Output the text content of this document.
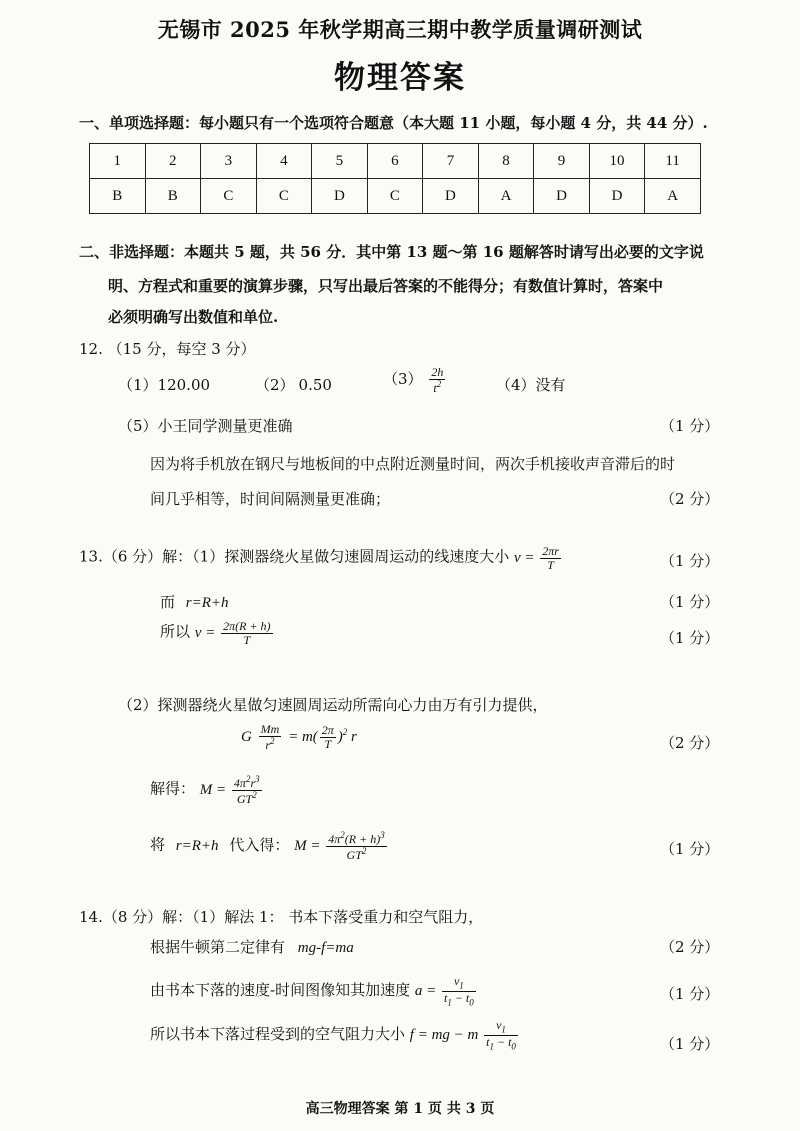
无锡市 2025 年秋学期高三期中教学质量调研测试
物理答案
一、单项选择题：每小题只有一个选项符合题意（本大题 11 小题，每小题 4 分，共 44 分）.
1	2	3	4	5	6	7	8	9	10	11
B	B	C	C	D	C	D	A	D	D	A
二、非选择题：本题共 5 题，共 56 分．其中第 13 题～第 16 题解答时请写出必要的文字说
明、方程式和重要的演算步骤，只写出最后答案的不能得分；有数值计算时，答案中
必须明确写出数值和单位.
12. （15 分，每空 3 分）
（1）120.00	（2） 0.50	$(3) \frac{2h}{t^2}$	（4）没有
（5）小王同学测量更准确	（1 分）
因为将手机放在钢尺与地板间的中点附近测量时间，两次手机接收声音滞后的时
间几乎相等，时间间隔测量更准确；	（2 分）
13.（6 分）解：（1）探测器绕火星做匀速圆周运动的线速度大小 $v = \frac{2\pi r}{T}$	（1 分）
而 r=R+h	（1 分）
所以 $v = \frac{2\pi(R + h)}{T}$	（1 分）
（2）探测器绕火星做匀速圆周运动所需向心力由万有引力提供，
G $\frac{Mm}{r^2} = m( \frac{2\pi}{T} )^2$ r	（2 分）
解得： $M = \frac{4\pi^2r^3}{GT^2}$
将 r=R+h 代入得： $M = \frac{4\pi^2(R + h)^3}{GT^2}$	（1 分）
14.（8 分）解：（1）解法 1： 书本下落受重力和空气阻力，
根据牛顿第二定律有 mg-f=ma	（2 分）
由书本下落的速度-时间图像知其加速度 $a = \frac{v_1}{t_1 - t_0}$	（1 分）
所以书本下落过程受到的空气阻力大小 f = mg − m $\frac{v_1}{t_1 - t_0}$	（1 分）
高三物理答案 第 1 页 共 3 页
